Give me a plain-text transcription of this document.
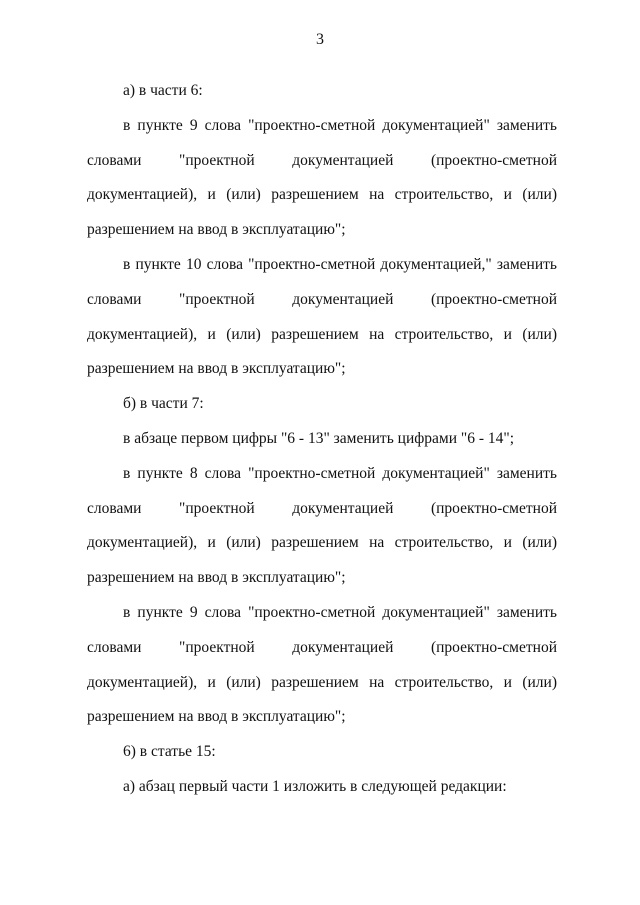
3

а) в части 6:

в пункте 9 слова "проектно-сметной документацией" заменить словами "проектной документацией (проектно-сметной документацией), и (или) разрешением на строительство, и (или) разрешением на ввод в эксплуатацию";

в пункте 10 слова "проектно-сметной документацией," заменить словами "проектной документацией (проектно-сметной документацией), и (или) разрешением на строительство, и (или) разрешением на ввод в эксплуатацию";

б) в части 7:

в абзаце первом цифры "6 - 13" заменить цифрами "6 - 14";

в пункте 8 слова "проектно-сметной документацией" заменить словами "проектной документацией (проектно-сметной документацией), и (или) разрешением на строительство, и (или) разрешением на ввод в эксплуатацию";

в пункте 9 слова "проектно-сметной документацией" заменить словами "проектной документацией (проектно-сметной документацией), и (или) разрешением на строительство, и (или) разрешением на ввод в эксплуатацию";

6) в статье 15:

а) абзац первый части 1 изложить в следующей редакции:
